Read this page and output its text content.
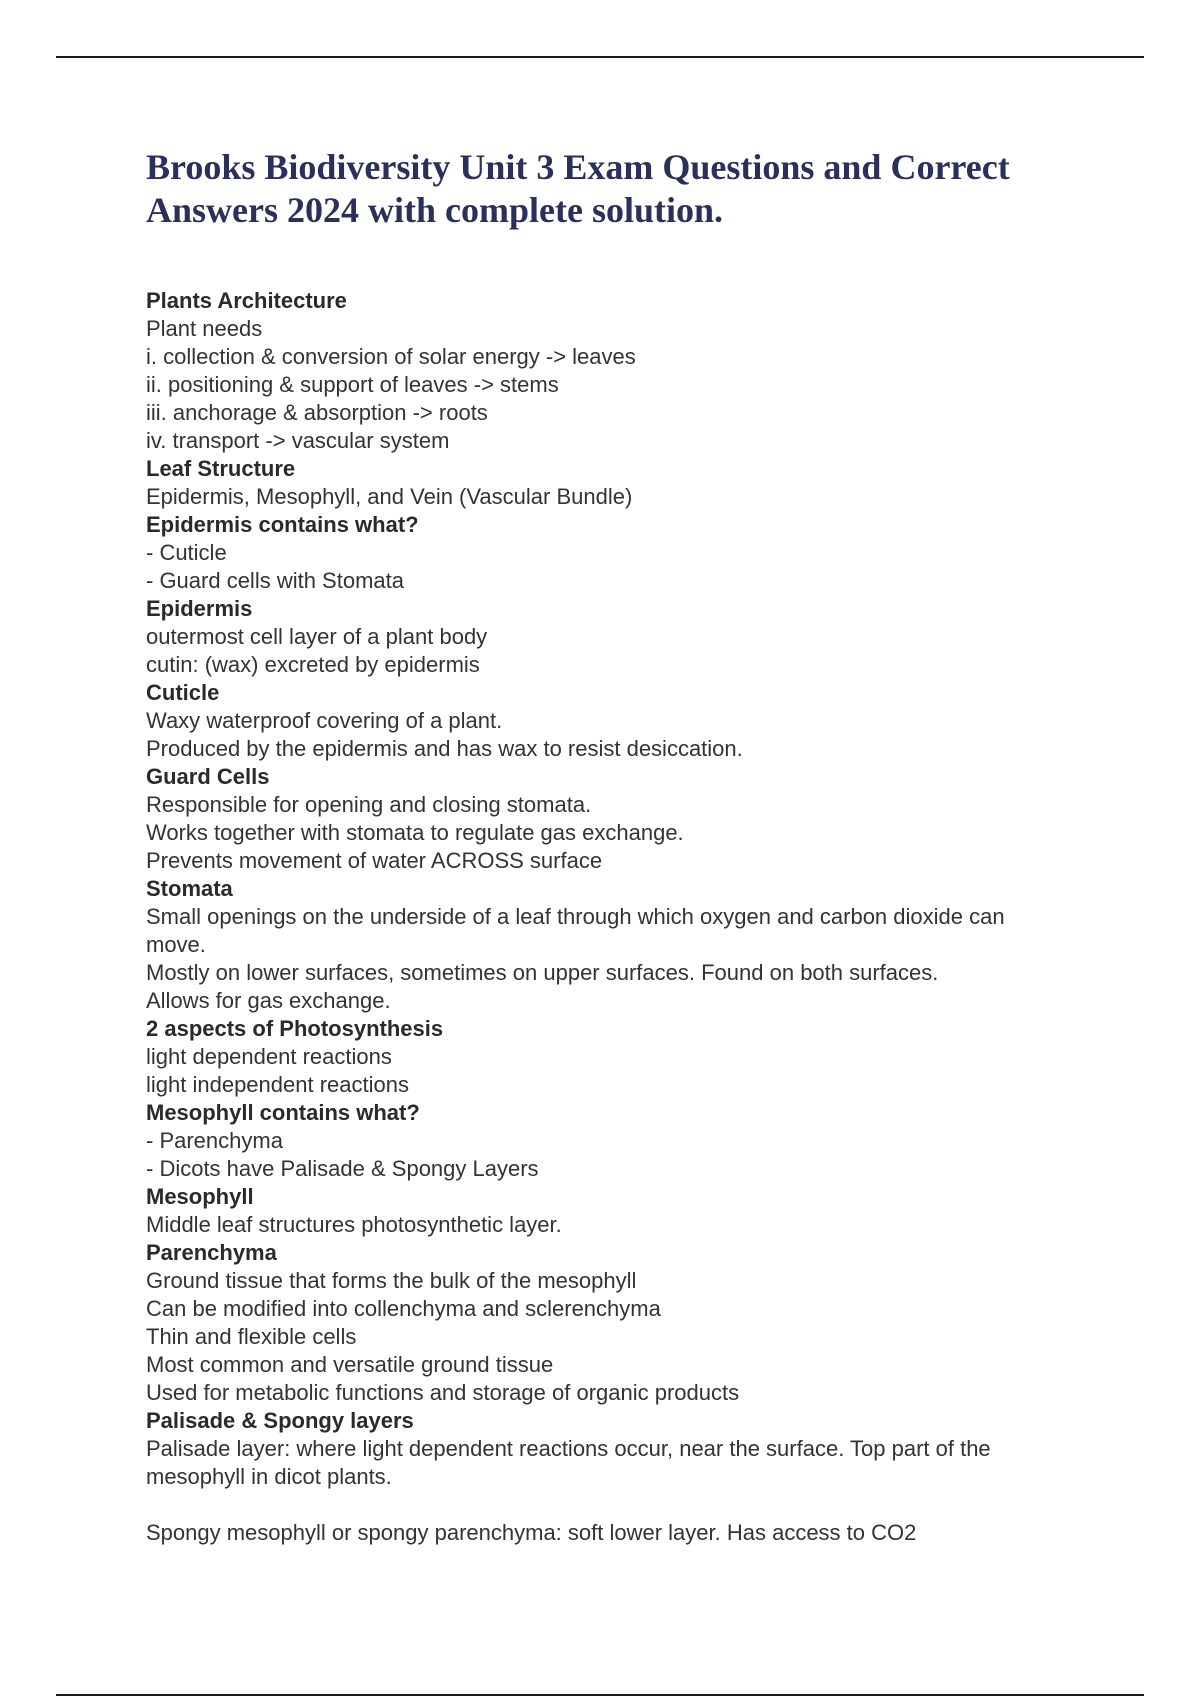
Brooks Biodiversity Unit 3 Exam Questions and Correct Answers 2024 with complete solution.

Plants Architecture

Plant needs
i. collection & conversion of solar energy -> leaves
ii. positioning & support of leaves -> stems
iii. anchorage & absorption -> roots
iv. transport -> vascular system

Leaf Structure

Epidermis, Mesophyll, and Vein (Vascular Bundle)

Epidermis contains what?

- Cuticle
- Guard cells with Stomata

Epidermis

outermost cell layer of a plant body
cutin: (wax) excreted by epidermis

Cuticle

Waxy waterproof covering of a plant.
Produced by the epidermis and has wax to resist desiccation.

Guard Cells

Responsible for opening and closing stomata.
Works together with stomata to regulate gas exchange.
Prevents movement of water ACROSS surface

Stomata

Small openings on the underside of a leaf through which oxygen and carbon dioxide can move.
Mostly on lower surfaces, sometimes on upper surfaces. Found on both surfaces.
Allows for gas exchange.

2 aspects of Photosynthesis

light dependent reactions
light independent reactions

Mesophyll contains what?

- Parenchyma
- Dicots have Palisade & Spongy Layers

Mesophyll

Middle leaf structures photosynthetic layer.

Parenchyma

Ground tissue that forms the bulk of the mesophyll
Can be modified into collenchyma and sclerenchyma
Thin and flexible cells
Most common and versatile ground tissue
Used for metabolic functions and storage of organic products

Palisade & Spongy layers

Palisade layer: where light dependent reactions occur, near the surface. Top part of the mesophyll in dicot plants.

Spongy mesophyll or spongy parenchyma: soft lower layer. Has access to CO2
